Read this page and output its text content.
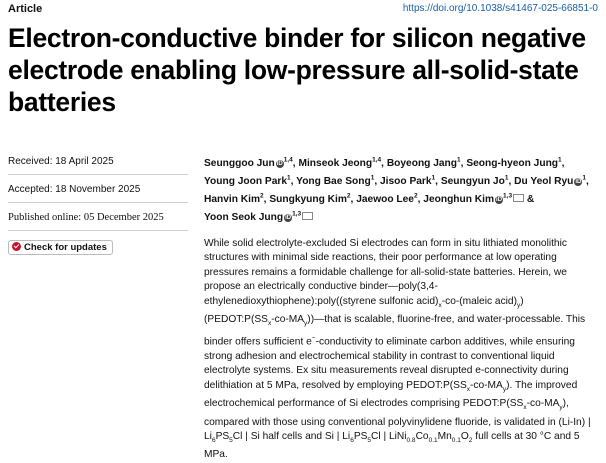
Article	https://doi.org/10.1038/s41467-025-66851-0
Electron-conductive binder for silicon negative electrode enabling low-pressure all-solid-state batteries
Received: 18 April 2025
Accepted: 18 November 2025
Published online: 05 December 2025
Check for updates
Seunggoo Jun iD$^{1,4}$, Minseok Jeong$^{1,4}$, Boyeong Jang$^1$, Seong-hyeon Jung$^1$, Young Joon Park$^1$, Yong Bae Song$^1$, Jisoo Park$^1$, Seungyun Jo$^1$, Du Yeol Ryu $iD^1$, Hanvin Kim$^2$, Sungkyung Kim$^2$, Jaewoo Lee$^2$, Jeonghun Kim iD$^{1,3}$ & Yoon Seok Jung iD$^{1,3}$

While solid electrolyte-excluded Si electrodes can form in situ lithiated monolithic structures with minimal side reactions, their poor performance at low operating pressures remains a formidable challenge for all-solid-state batteries. Herein, we propose an electrically conductive binder—poly(3,4-ethylenedioxythiophene):poly((styrene sulfonic $acid)_x-co-(maleic$ $acid)_y$) $(PEDOT:P(SS_x-co-MA_y))—that$ is scalable, fluorine-free, and water-processable. This binder offers sufficient e−-conductivity to eliminate carbon additives, while ensuring strong adhesion and electrochemical stability in contrast to conventional liquid electrolyte systems. Ex situ measurements reveal disrupted e-connectivity during delithiation at 5 MPa, resolved by employing $PEDOT:P(SS_x-co-MA_y)$. The improved electrochemical performance of Si electrodes comprising $PEDOT:P(SS_x-co-MA_y)$, compared with those using conventional polyvinylidene fluoride, is validated in (Li-In) | $Li_6PS_5Cl$ | Si half cells and Si | $Li_6PS_5Cl$ | $LiNi_{0.8}Co_{0.1}Mn_{0.1}O_2$ full cells at 30 °C and 5 MPa.
